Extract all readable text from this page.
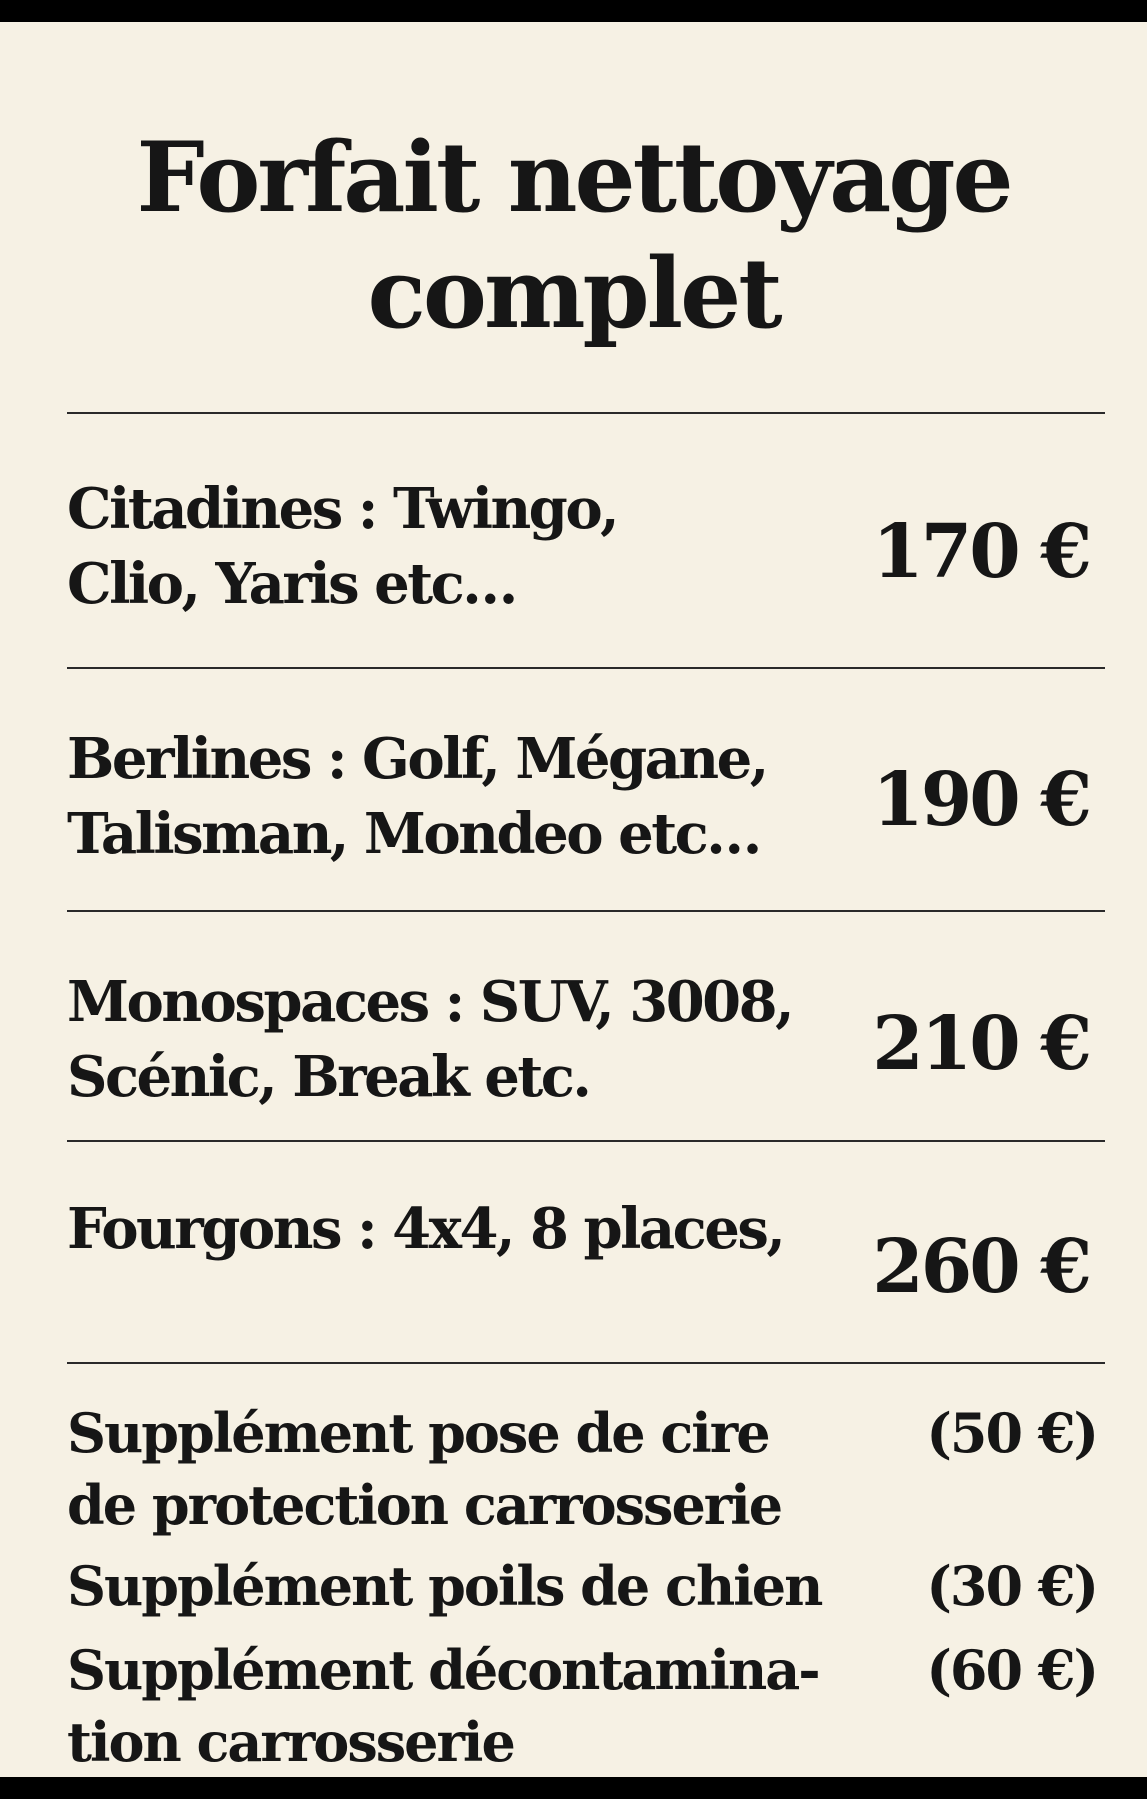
Forfait nettoyage
complet
Citadines : Twingo,
Clio, Yaris etc…	170 €
Berlines : Golf, Mégane,
Talisman, Mondeo etc… 190 €
Monospaces : SUV, 3008,
Scénic, Break etc.	210 €
Fourgons : 4x4, 8 places, 260 €
Supplément pose de cire
de protection carrosserie
(50 €)
Supplément poils de chien (30 €)
Supplément décontamina-
tion carrosserie
(60 €)
